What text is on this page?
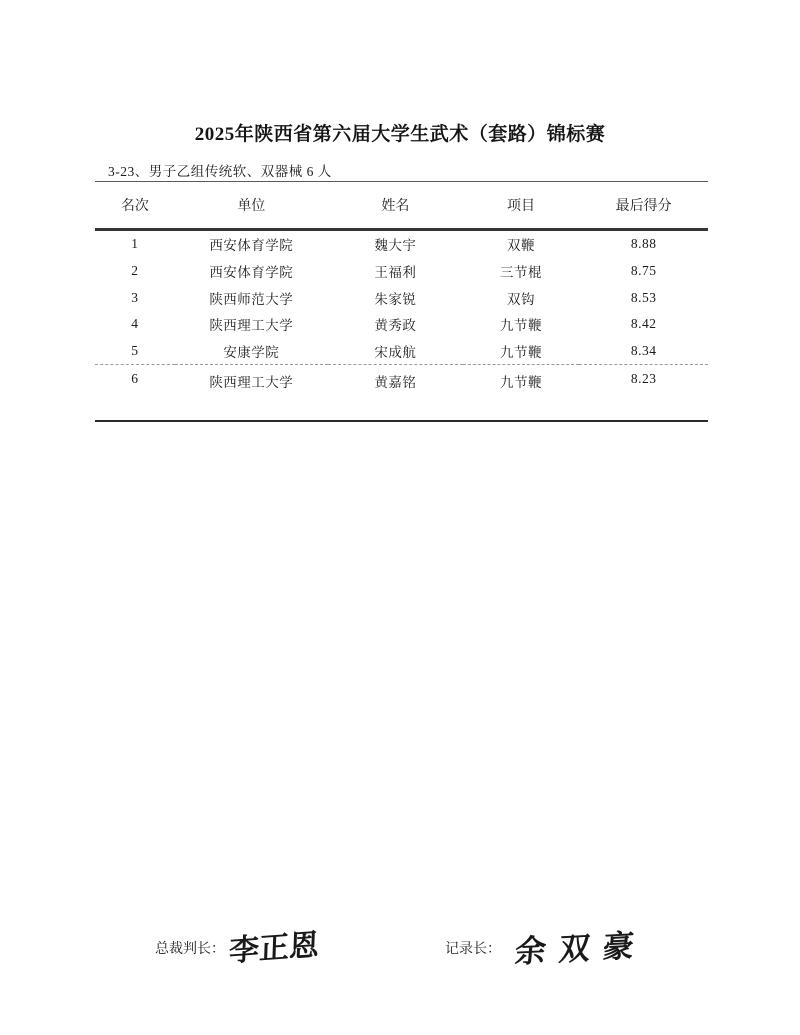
2025年陕西省第六届大学生武术（套路）锦标赛
3-23、男子乙组传统软、双器械 6 人
名次	单位	姓名	项目	最后得分
1	西安体育学院	魏大宇	双鞭	8.88
2	西安体育学院	王福利	三节棍	8.75
3	陕西师范大学	朱家锐	双钩	8.53
4	陕西理工大学	黄秀政	九节鞭	8.42
5	安康学院	宋成航	九节鞭	8.34
6	陕西理工大学	黄嘉铭	九节鞭	8.23
总裁判长： 李正恩	记录长： 余双豪
